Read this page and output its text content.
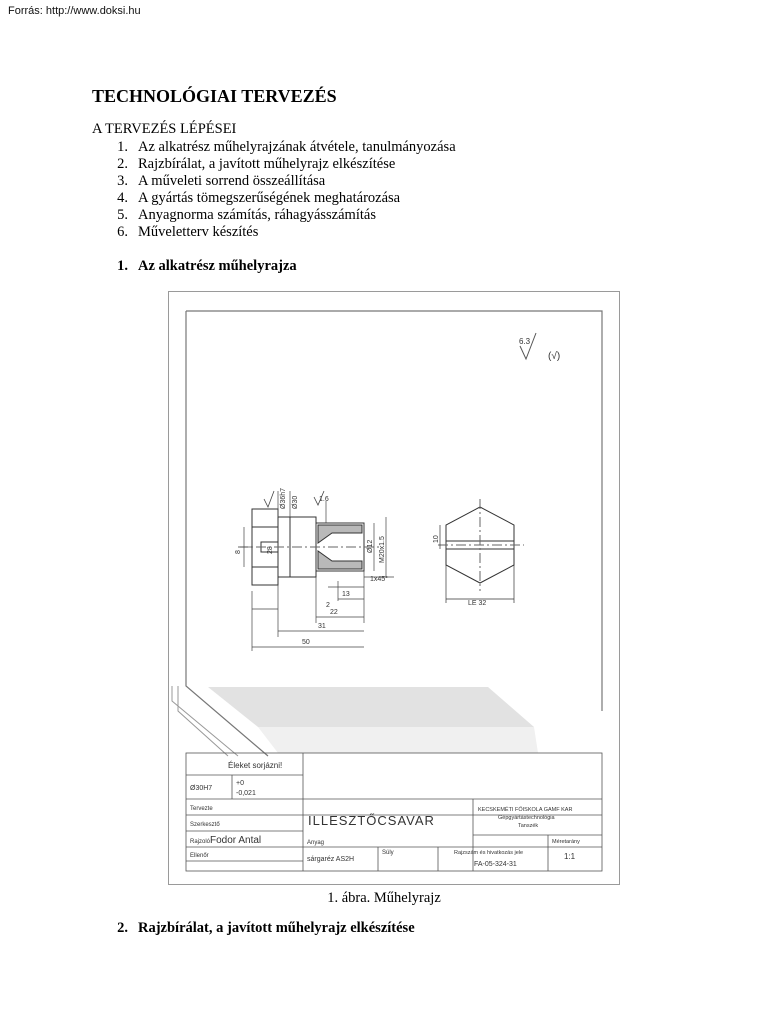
Forrás: http://www.doksi.hu
TECHNOLÓGIAI TERVEZÉS
A TERVEZÉS LÉPÉSEI
1. Az alkatrész műhelyrajzának átvétele, tanulmányozása
2. Rajzbírálat, a javított műhelyrajz elkészítése
3. A műveleti sorrend összeállítása
4. A gyártás tömegszerűségének meghatározása
5. Anyagnorma számítás, ráhagyásszámítás
6. Műveletterv készítés
1. Az alkatrész műhelyrajza
6.3
(√)
1.6
Ø36h7 Ø30
28
8	Ø12 M20x1.5
1x45°
13
2
22
31
50
10
LE 32
Éleket sorjázni!
Ø30H7
+0
-0,021
Tervezte
Szerkesztő
Rajzoló Fodor Antal
Ellenőr
ILLESZTŐCSAVAR
KECSKEMÉTI FŐISKOLA GAMF KAR
Gépgyártástechnológia
Tanszék
Anyag
sárgaréz AS2H
Súly	Rajzszám és hivatkozás jele
FA-05-324-31
Méretarány
1:1
1. ábra. Műhelyrajz
2. Rajzbírálat, a javított műhelyrajz elkészítése
